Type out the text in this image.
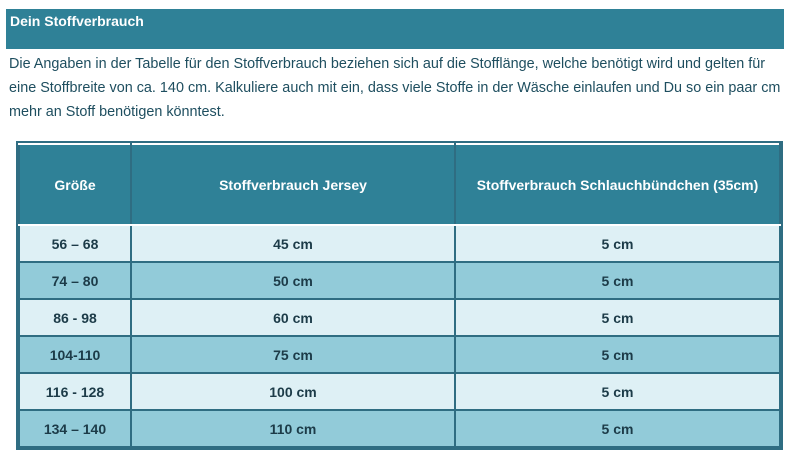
Dein Stoffverbrauch

Die Angaben in der Tabelle für den Stoffverbrauch beziehen sich auf die Stofflänge, welche benötigt wird und gelten für eine Stoffbreite von ca. 140 cm. Kalkuliere auch mit ein, dass viele Stoffe in der Wäsche einlaufen und Du so ein paar cm mehr an Stoff benötigen könntest.

Größe	Stoffverbrauch Jersey	Stoffverbrauch Schlauchbündchen (35cm)
56 – 68	45 cm	5 cm
74 – 80	50 cm	5 cm
86 - 98	60 cm	5 cm
104-110	75 cm	5 cm
116 - 128	100 cm	5 cm
134 – 140	110 cm	5 cm
